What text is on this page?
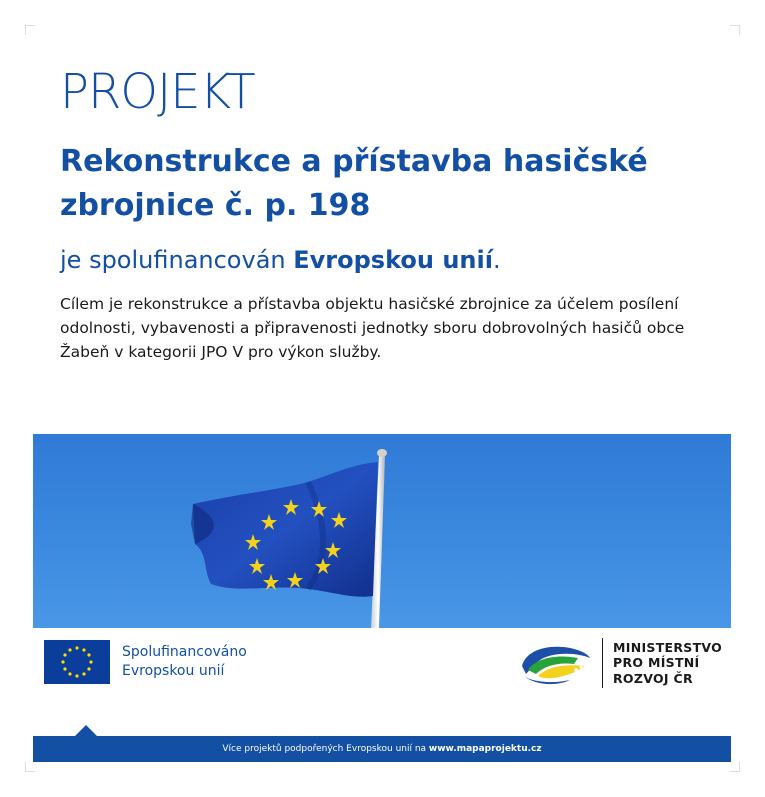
PROJEKT
Rekonstrukce a přístavba hasičské zbrojnice č. p. 198
je spolufinancován Evropskou unií.
Cílem je rekonstrukce a přístavba objektu hasičské zbrojnice za účelem posílení odolnosti, vybavenosti a připravenosti jednotky sboru dobrovolných hasičů obce Žabeň v kategorii JPO V pro výkon služby.
Spolufinancováno
Evropskou unií
MINISTERSTVO
PRO MÍSTNÍ
ROZVOJ ČR
Více projektů podpořených Evropskou unií na www.mapaprojektu.cz
